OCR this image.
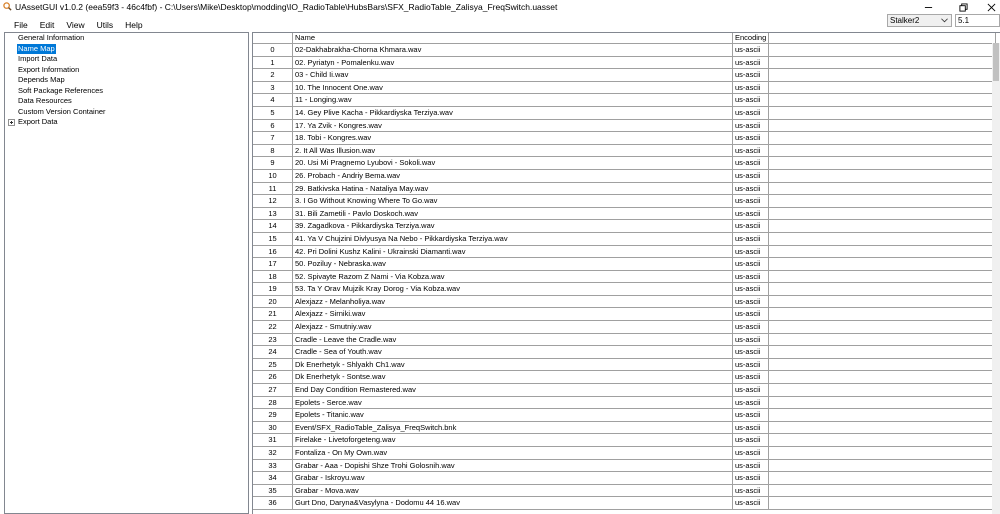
UAssetGUI v1.0.2 (eea59f3 - 46c4fbf) - C:\Users\Mike\Desktop\modding\IO_RadioTable\HubsBars\SFX_RadioTable_Zalisya_FreqSwitch.uasset
File	Edit	View	Utils	Help	Stalker2	5.1
General Information
Name Map
Import Data
Export Information
Depends Map
Soft Package References
Data Resources
Custom Version Container
Export Data
Name	Encoding
0	02-Dakhabrakha-Chorna Khmara.wav	us-ascii
1	02. Pyriatyn - Pomalenku.wav	us-ascii
2	03 - Child Ii.wav	us-ascii
3	10. The Innocent One.wav	us-ascii
4	11 - Longing.wav	us-ascii
5	14. Gey Plive Kacha - Pikkardiyska Terziya.wav	us-ascii
6	17. Ya Zvik - Kongres.wav	us-ascii
7	18. Tobi - Kongres.wav	us-ascii
8	2. It All Was Illusion.wav	us-ascii
9	20. Usi Mi Pragnemo Lyubovi - Sokoli.wav	us-ascii
10	26. Probach - Andriy Bema.wav	us-ascii
11	29. Batkivska Hatina - Nataliya May.wav	us-ascii
12	3. I Go Without Knowing Where To Go.wav	us-ascii
13	31. Bili Zametili - Pavlo Doskoch.wav	us-ascii
14	39. Zagadkova - Pikkardiyska Terziya.wav	us-ascii
15	41. Ya V Chujzini Divlyusya Na Nebo - Pikkardiyska Terziya.wav	us-ascii
16	42. Pri Dolini Kushz Kalini - Ukrainski Diamanti.wav	us-ascii
17	50. Poziluy - Nebraska.wav	us-ascii
18	52. Spivayte Razom Z Nami - Via Kobza.wav	us-ascii
19	53. Ta Y Orav Mujzik Kray Dorog - Via Kobza.wav	us-ascii
20	Alexjazz - Melanholiya.wav	us-ascii
21	Alexjazz - Sirniki.wav	us-ascii
22	Alexjazz - Smutniy.wav	us-ascii
23	Cradle - Leave the Cradle.wav	us-ascii
24	Cradle - Sea of Youth.wav	us-ascii
25	Dk Enerhetyk - Shlyakh Ch1.wav	us-ascii
26	Dk Enerhetyk - Sontse.wav	us-ascii
27	End Day Condition Remastered.wav	us-ascii
28	Epolets - Serce.wav	us-ascii
29	Epolets - Titanic.wav	us-ascii
30	Event/SFX_RadioTable_Zalisya_FreqSwitch.bnk	us-ascii
31	Firelake - Livetoforgeteng.wav	us-ascii
32	Fontaliza - On My Own.wav	us-ascii
33	Grabar - Aaa - Dopishi Shze Trohi Golosnih.wav	us-ascii
34	Grabar - Iskroyu.wav	us-ascii
35	Grabar - Mova.wav	us-ascii
36	Gurt Dno, Daryna&Vasylyna - Dodomu 44 16.wav	us-ascii
